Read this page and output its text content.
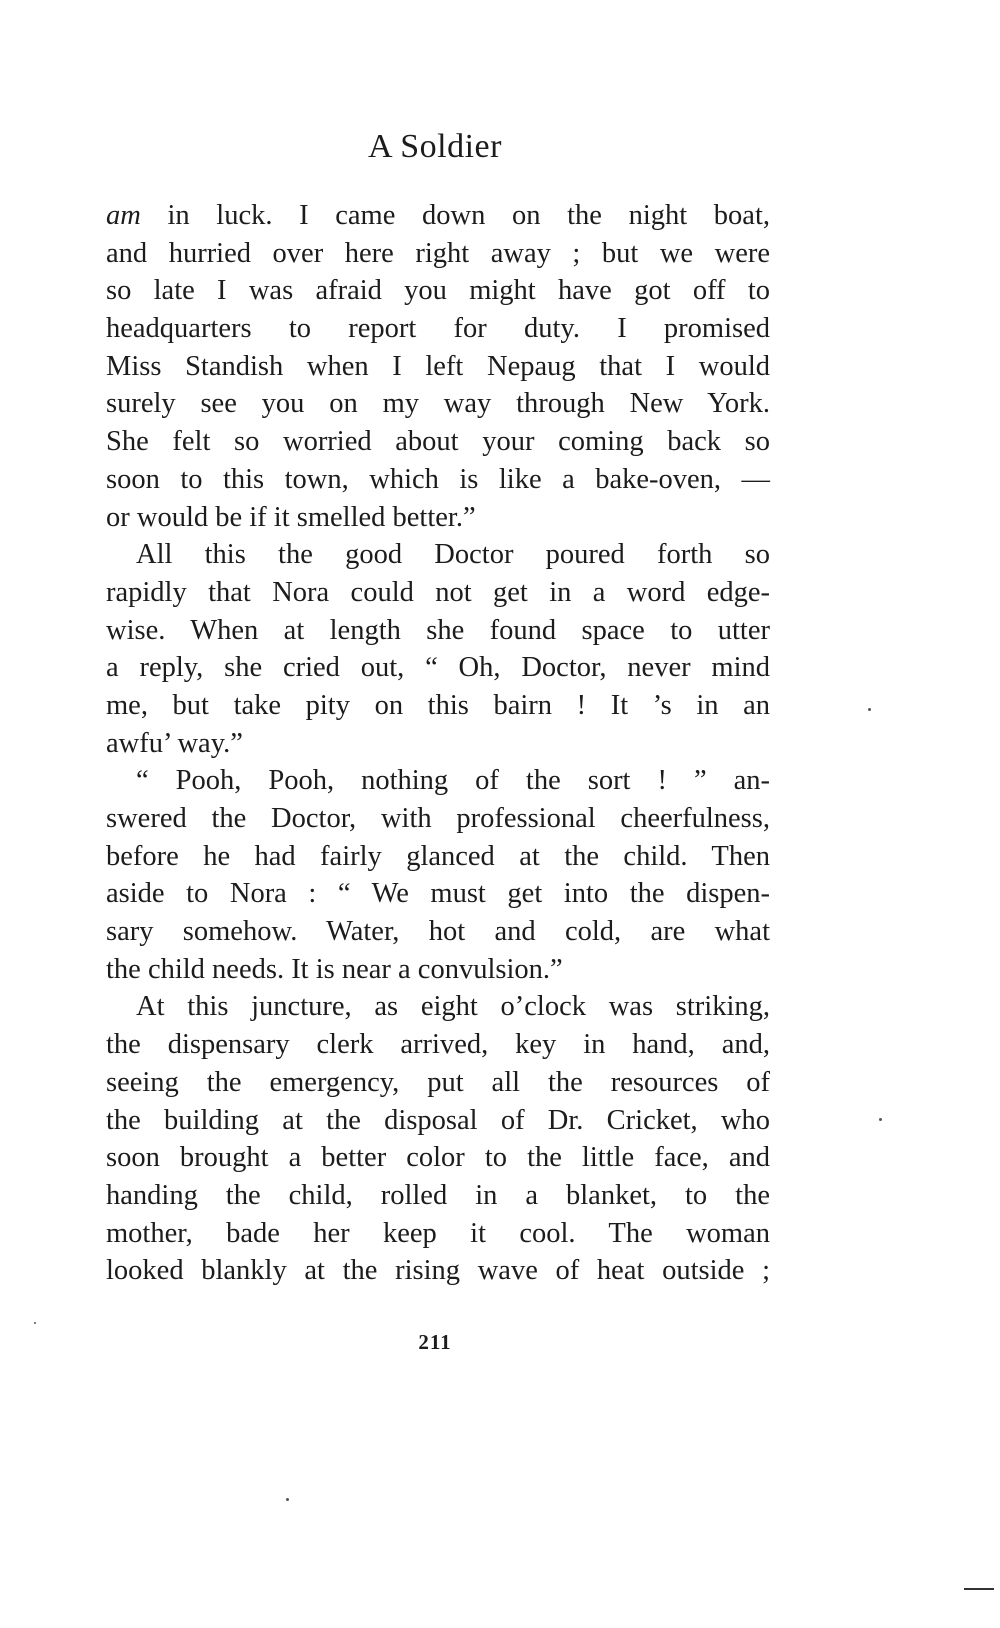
A Soldier
am in luck. I came down on the night boat,
and hurried over here right away ; but we were
so late I was afraid you might have got off to
headquarters to report for duty. I promised
Miss Standish when I left Nepaug that I would
surely see you on my way through New York.
She felt so worried about your coming back so
soon to this town, which is like a bake-oven, —
or would be if it smelled better.”
All this the good Doctor poured forth so
rapidly that Nora could not get in a word edge-
wise. When at length she found space to utter
a reply, she cried out, “ Oh, Doctor, never mind
me, but take pity on this bairn ! It ’s in an
awfu’ way.”
“ Pooh, Pooh, nothing of the sort ! ” an-
swered the Doctor, with professional cheerfulness,
before he had fairly glanced at the child. Then
aside to Nora : “ We must get into the dispen-
sary somehow. Water, hot and cold, are what
the child needs. It is near a convulsion.”
At this juncture, as eight o’clock was striking,
the dispensary clerk arrived, key in hand, and,
seeing the emergency, put all the resources of
the building at the disposal of Dr. Cricket, who
soon brought a better color to the little face, and
handing the child, rolled in a blanket, to the
mother, bade her keep it cool. The woman
looked blankly at the rising wave of heat outside ;
211
